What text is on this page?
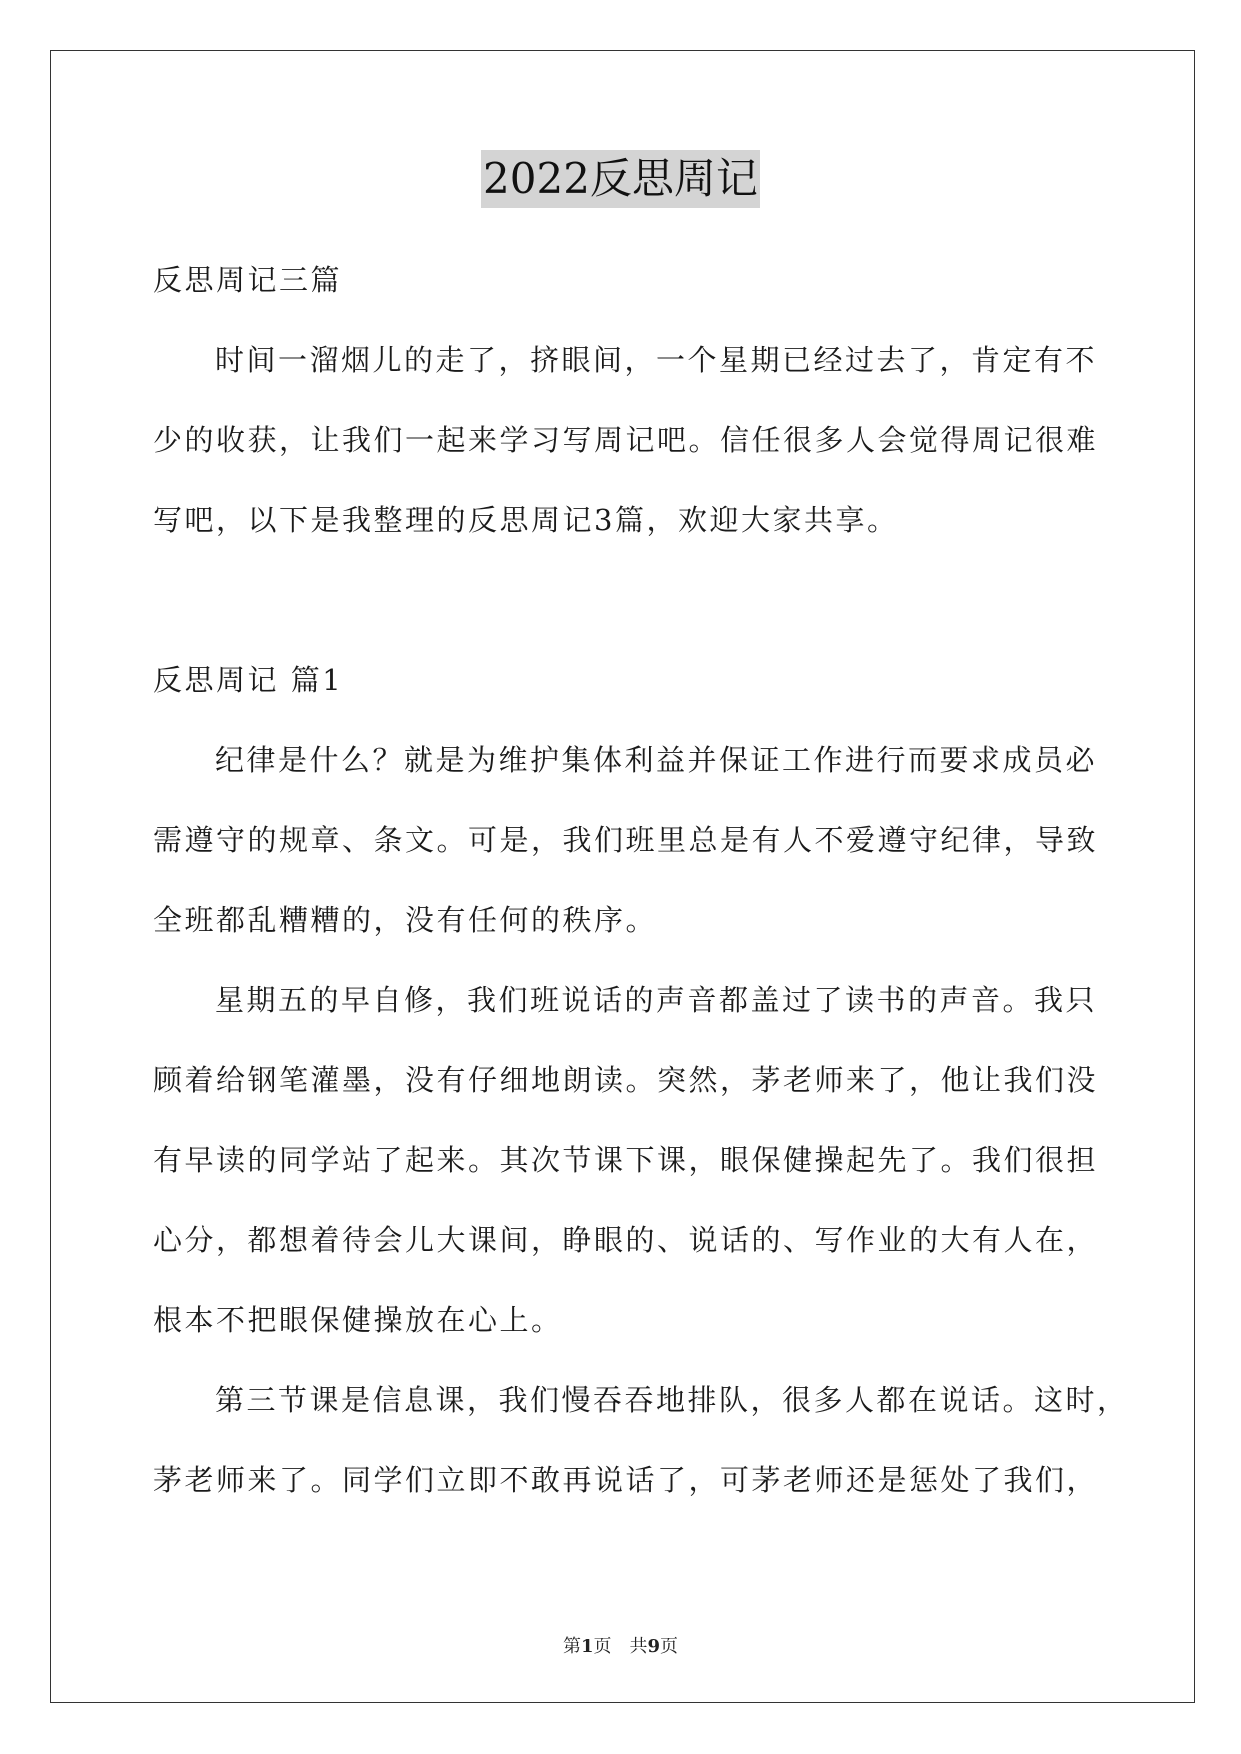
2022反思周记
反思周记三篇
时间一溜烟儿的走了，挤眼间，一个星期已经过去了，肯定有不
少的收获，让我们一起来学习写周记吧。信任很多人会觉得周记很难
写吧，以下是我整理的反思周记3篇，欢迎大家共享。
反思周记 篇1
纪律是什么？就是为维护集体利益并保证工作进行而要求成员必
需遵守的规章、条文。可是，我们班里总是有人不爱遵守纪律，导致
全班都乱糟糟的，没有任何的秩序。
星期五的早自修，我们班说话的声音都盖过了读书的声音。我只
顾着给钢笔灌墨，没有仔细地朗读。突然，茅老师来了，他让我们没
有早读的同学站了起来。其次节课下课，眼保健操起先了。我们很担
心分，都想着待会儿大课间，睁眼的、说话的、写作业的大有人在，
根本不把眼保健操放在心上。
第三节课是信息课，我们慢吞吞地排队，很多人都在说话。这时，
茅老师来了。同学们立即不敢再说话了，可茅老师还是惩处了我们，
第1页　共9页
